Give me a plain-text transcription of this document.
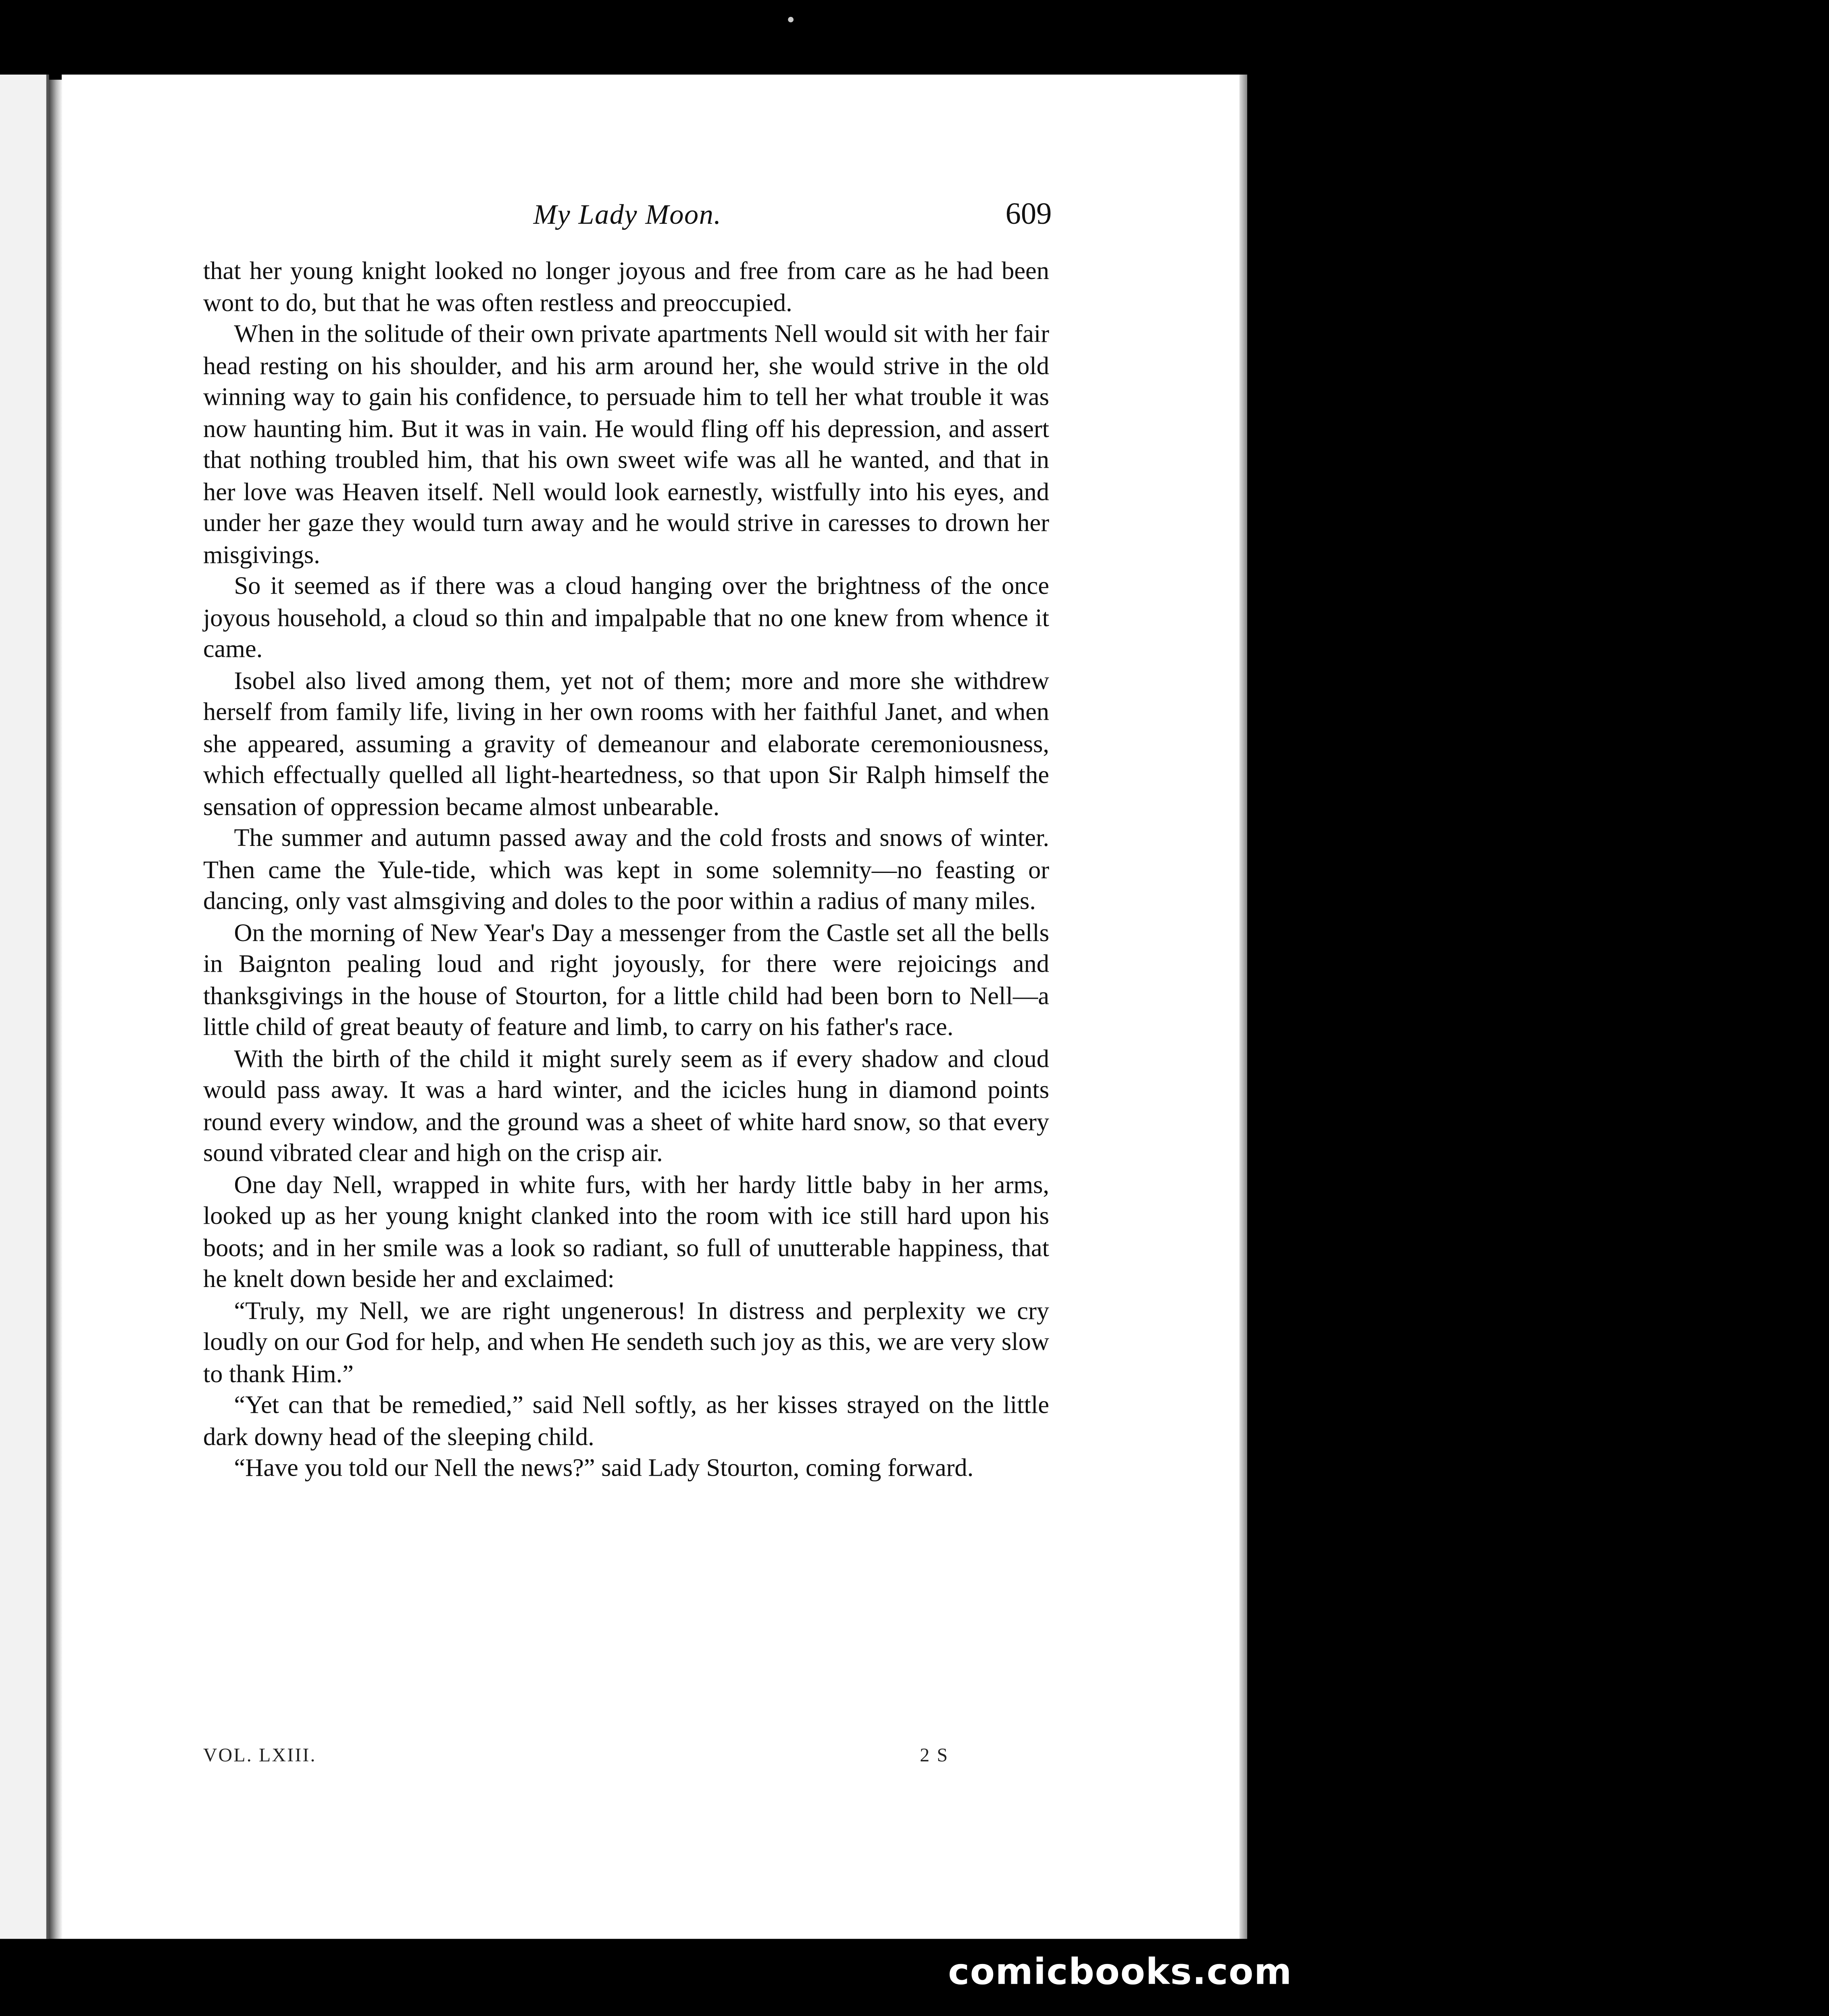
●
My Lady Moon.	609

that her young knight looked no longer joyous and free from care as he had been wont to do, but that he was often restless and preoccupied.

When in the solitude of their own private apartments Nell would sit with her fair head resting on his shoulder, and his arm around her, she would strive in the old winning way to gain his confidence, to persuade him to tell her what trouble it was now haunting him. But it was in vain. He would fling off his depression, and assert that nothing troubled him, that his own sweet wife was all he wanted, and that in her love was Heaven itself. Nell would look earnestly, wistfully into his eyes, and under her gaze they would turn away and he would strive in caresses to drown her misgivings.

So it seemed as if there was a cloud hanging over the brightness of the once joyous household, a cloud so thin and impalpable that no one knew from whence it came.

Isobel also lived among them, yet not of them; more and more she withdrew herself from family life, living in her own rooms with her faithful Janet, and when she appeared, assuming a gravity of demeanour and elaborate ceremoniousness, which effectually quelled all light-heartedness, so that upon Sir Ralph himself the sensation of oppression became almost unbearable.

The summer and autumn passed away and the cold frosts and snows of winter. Then came the Yule-tide, which was kept in some solemnity—no feasting or dancing, only vast almsgiving and doles to the poor within a radius of many miles.

On the morning of New Year's Day a messenger from the Castle set all the bells in Baignton pealing loud and right joyously, for there were rejoicings and thanksgivings in the house of Stourton, for a little child had been born to Nell—a little child of great beauty of feature and limb, to carry on his father's race.

With the birth of the child it might surely seem as if every shadow and cloud would pass away. It was a hard winter, and the icicles hung in diamond points round every window, and the ground was a sheet of white hard snow, so that every sound vibrated clear and high on the crisp air.

One day Nell, wrapped in white furs, with her hardy little baby in her arms, looked up as her young knight clanked into the room with ice still hard upon his boots; and in her smile was a look so radiant, so full of unutterable happiness, that he knelt down beside her and exclaimed:

“Truly, my Nell, we are right ungenerous! In distress and perplexity we cry loudly on our God for help, and when He sendeth such joy as this, we are very slow to thank Him.”

“Yet can that be remedied,” said Nell softly, as her kisses strayed on the little dark downy head of the sleeping child.

“Have you told our Nell the news?” said Lady Stourton, coming forward.

VOL. LXIII.	2 S
comicbooks.com
